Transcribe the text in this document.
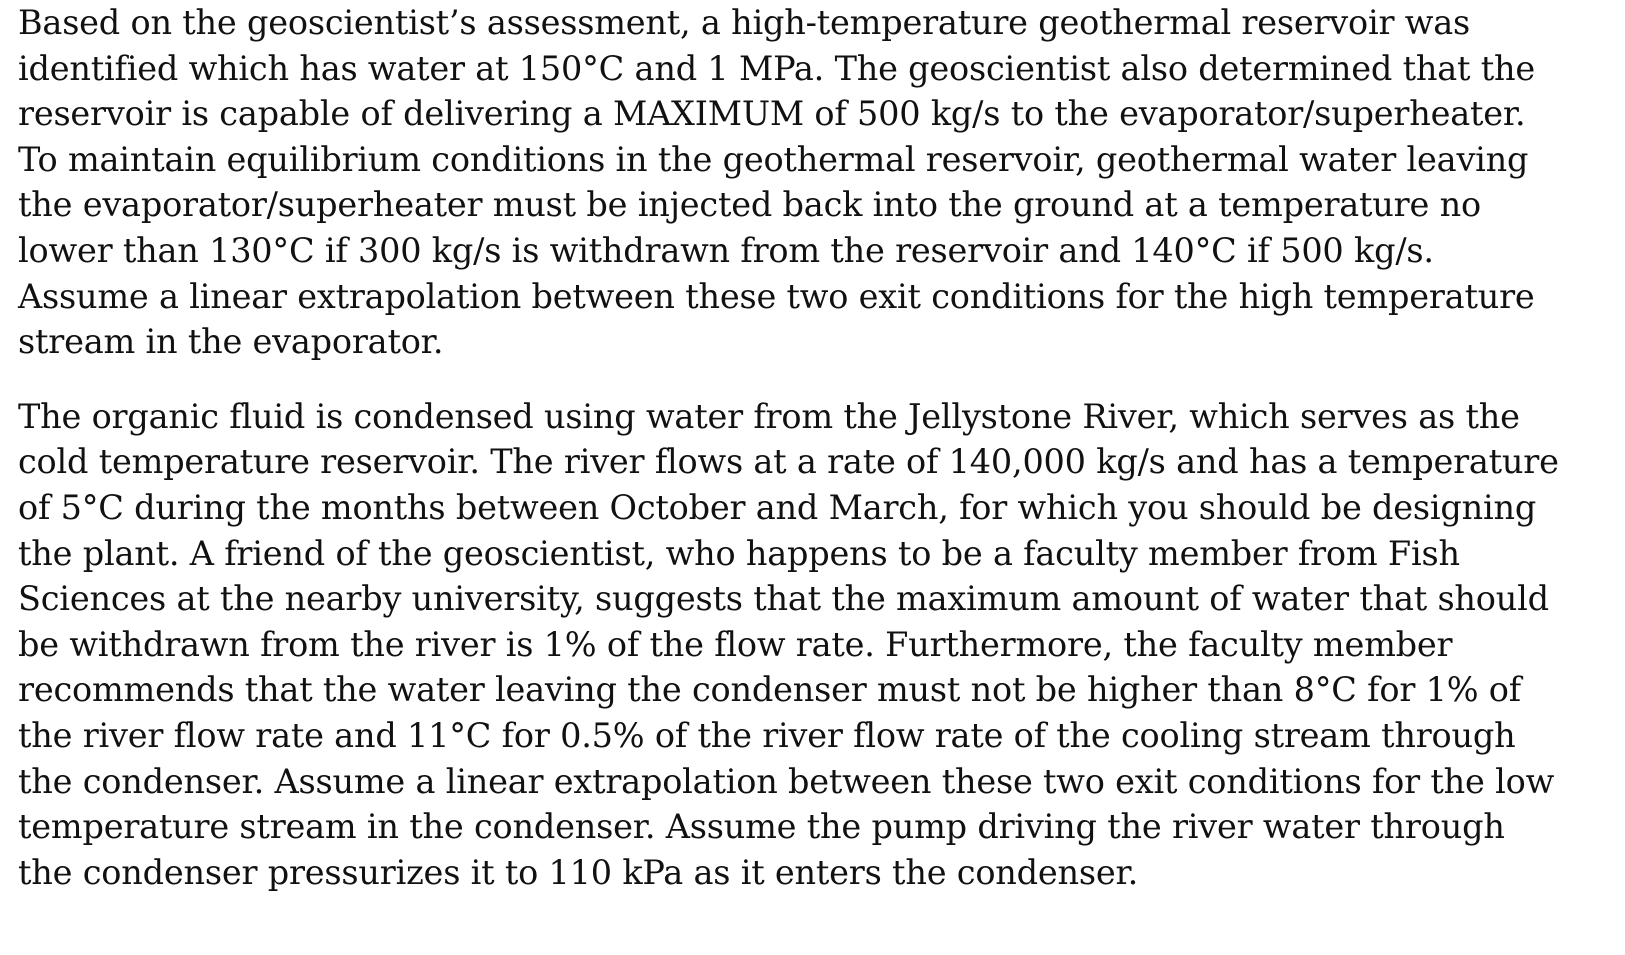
Based on the geoscientist’s assessment, a high-temperature geothermal reservoir was
identified which has water at 150°C and 1 MPa. The geoscientist also determined that the
reservoir is capable of delivering a MAXIMUM of 500 kg/s to the evaporator/superheater.
To maintain equilibrium conditions in the geothermal reservoir, geothermal water leaving
the evaporator/superheater must be injected back into the ground at a temperature no
lower than 130°C if 300 kg/s is withdrawn from the reservoir and 140°C if 500 kg/s.
Assume a linear extrapolation between these two exit conditions for the high temperature
stream in the evaporator.
The organic fluid is condensed using water from the Jellystone River, which serves as the
cold temperature reservoir. The river flows at a rate of 140,000 kg/s and has a temperature
of 5°C during the months between October and March, for which you should be designing
the plant. A friend of the geoscientist, who happens to be a faculty member from Fish
Sciences at the nearby university, suggests that the maximum amount of water that should
be withdrawn from the river is 1% of the flow rate. Furthermore, the faculty member
recommends that the water leaving the condenser must not be higher than 8°C for 1% of
the river flow rate and 11°C for 0.5% of the river flow rate of the cooling stream through
the condenser. Assume a linear extrapolation between these two exit conditions for the low
temperature stream in the condenser. Assume the pump driving the river water through
the condenser pressurizes it to 110 kPa as it enters the condenser.
